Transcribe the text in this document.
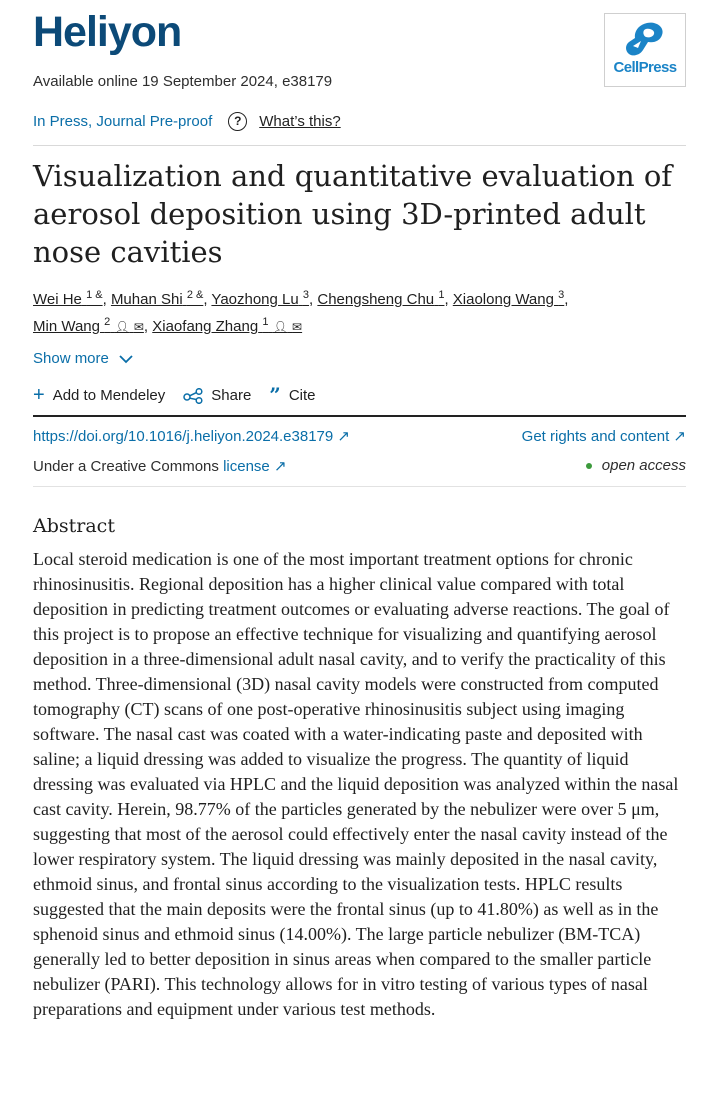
Heliyon
Available online 19 September 2024, e38179
CellPress
In Press, Journal Pre-proof	?	What’s this?
Visualization and quantitative evaluation of aerosol deposition using 3D-printed adult nose cavities
Wei He $^{1 \&}$, Muhan Shi $^{2 \&}$, Yaozhong Lu $^3$, Chengsheng Chu $^1$, Xiaolong Wang $^3$,
Min Wang $^2$ 👤︎ ✉︎, Xiaofang Zhang $^1$ 👤︎ ✉︎
Show more
+ Add to Mendeley	Share ” Cite
https://doi.org/10.1016/j.heliyon.2024.e38179 ↗	Get rights and content ↗
Under a Creative Commons license ↗	open access
Abstract

Local steroid medication is one of the most important treatment options for chronic rhinosinusitis. Regional deposition has a higher clinical value compared with total deposition in predicting treatment outcomes or evaluating adverse reactions. The goal of this project is to propose an effective technique for visualizing and quantifying aerosol deposition in a three-dimensional adult nasal cavity, and to verify the practicality of this method. Three-dimensional (3D) nasal cavity models were constructed from computed tomography (CT) scans of one post-operative rhinosinusitis subject using imaging software. The nasal cast was coated with a water-indicating paste and deposited with saline; a liquid dressing was added to visualize the progress. The quantity of liquid dressing was evaluated via HPLC and the liquid deposition was analyzed within the nasal cast cavity. Herein, 98.77% of the particles generated by the nebulizer were over 5 μm, suggesting that most of the aerosol could effectively enter the nasal cavity instead of the lower respiratory system. The liquid dressing was mainly deposited in the nasal cavity, ethmoid sinus, and frontal sinus according to the visualization tests. HPLC results suggested that the main deposits were the frontal sinus (up to 41.80%) as well as in the sphenoid sinus and ethmoid sinus (14.00%). The large particle nebulizer (BM-TCA) generally led to better deposition in sinus areas when compared to the smaller particle nebulizer (PARI). This technology allows for in vitro testing of various types of nasal preparations and equipment under various test methods.
